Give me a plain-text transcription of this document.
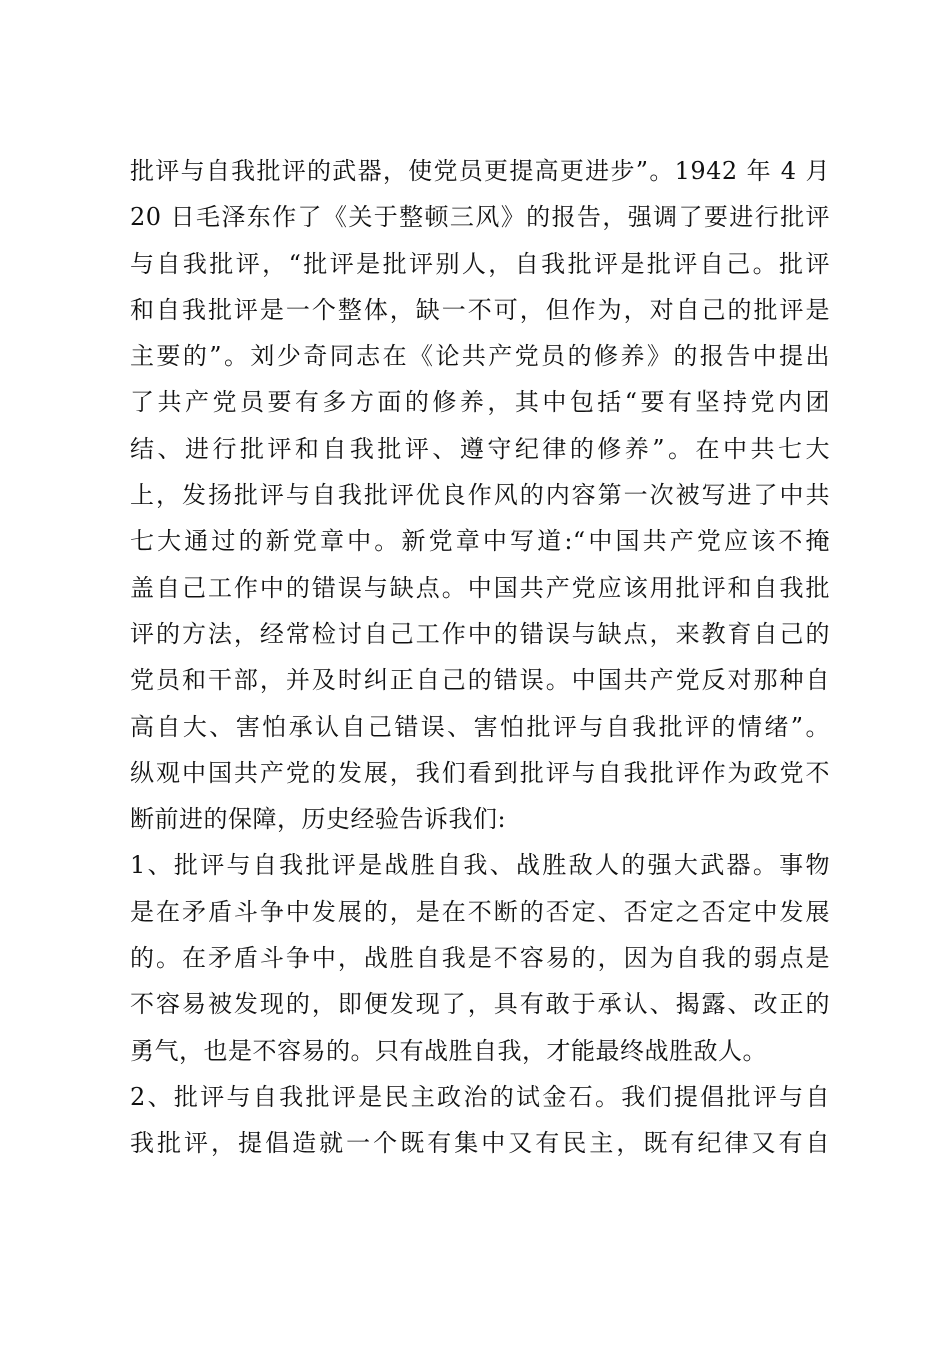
批评与自我批评的武器，使党员更提高更进步”。1942 年 4 月
20 日毛泽东作了《关于整顿三风》的报告，强调了要进行批评
与自我批评，“批评是批评别人，自我批评是批评自己。批评
和自我批评是一个整体，缺一不可，但作为，对自己的批评是
主要的”。刘少奇同志在《论共产党员的修养》的报告中提出
了共产党员要有多方面的修养，其中包括“要有坚持党内团
结、进行批评和自我批评、遵守纪律的修养”。在中共七大
上，发扬批评与自我批评优良作风的内容第一次被写进了中共
七大通过的新党章中。新党章中写道:“中国共产党应该不掩
盖自己工作中的错误与缺点。中国共产党应该用批评和自我批
评的方法，经常检讨自己工作中的错误与缺点，来教育自己的
党员和干部，并及时纠正自己的错误。中国共产党反对那种自
高自大、害怕承认自己错误、害怕批评与自我批评的情绪”。
纵观中国共产党的发展，我们看到批评与自我批评作为政党不
断前进的保障，历史经验告诉我们:
1、批评与自我批评是战胜自我、战胜敌人的强大武器。事物
是在矛盾斗争中发展的，是在不断的否定、否定之否定中发展
的。在矛盾斗争中，战胜自我是不容易的，因为自我的弱点是
不容易被发现的，即便发现了，具有敢于承认、揭露、改正的
勇气，也是不容易的。只有战胜自我，才能最终战胜敌人。
2、批评与自我批评是民主政治的试金石。我们提倡批评与自
我批评，提倡造就一个既有集中又有民主，既有纪律又有自
